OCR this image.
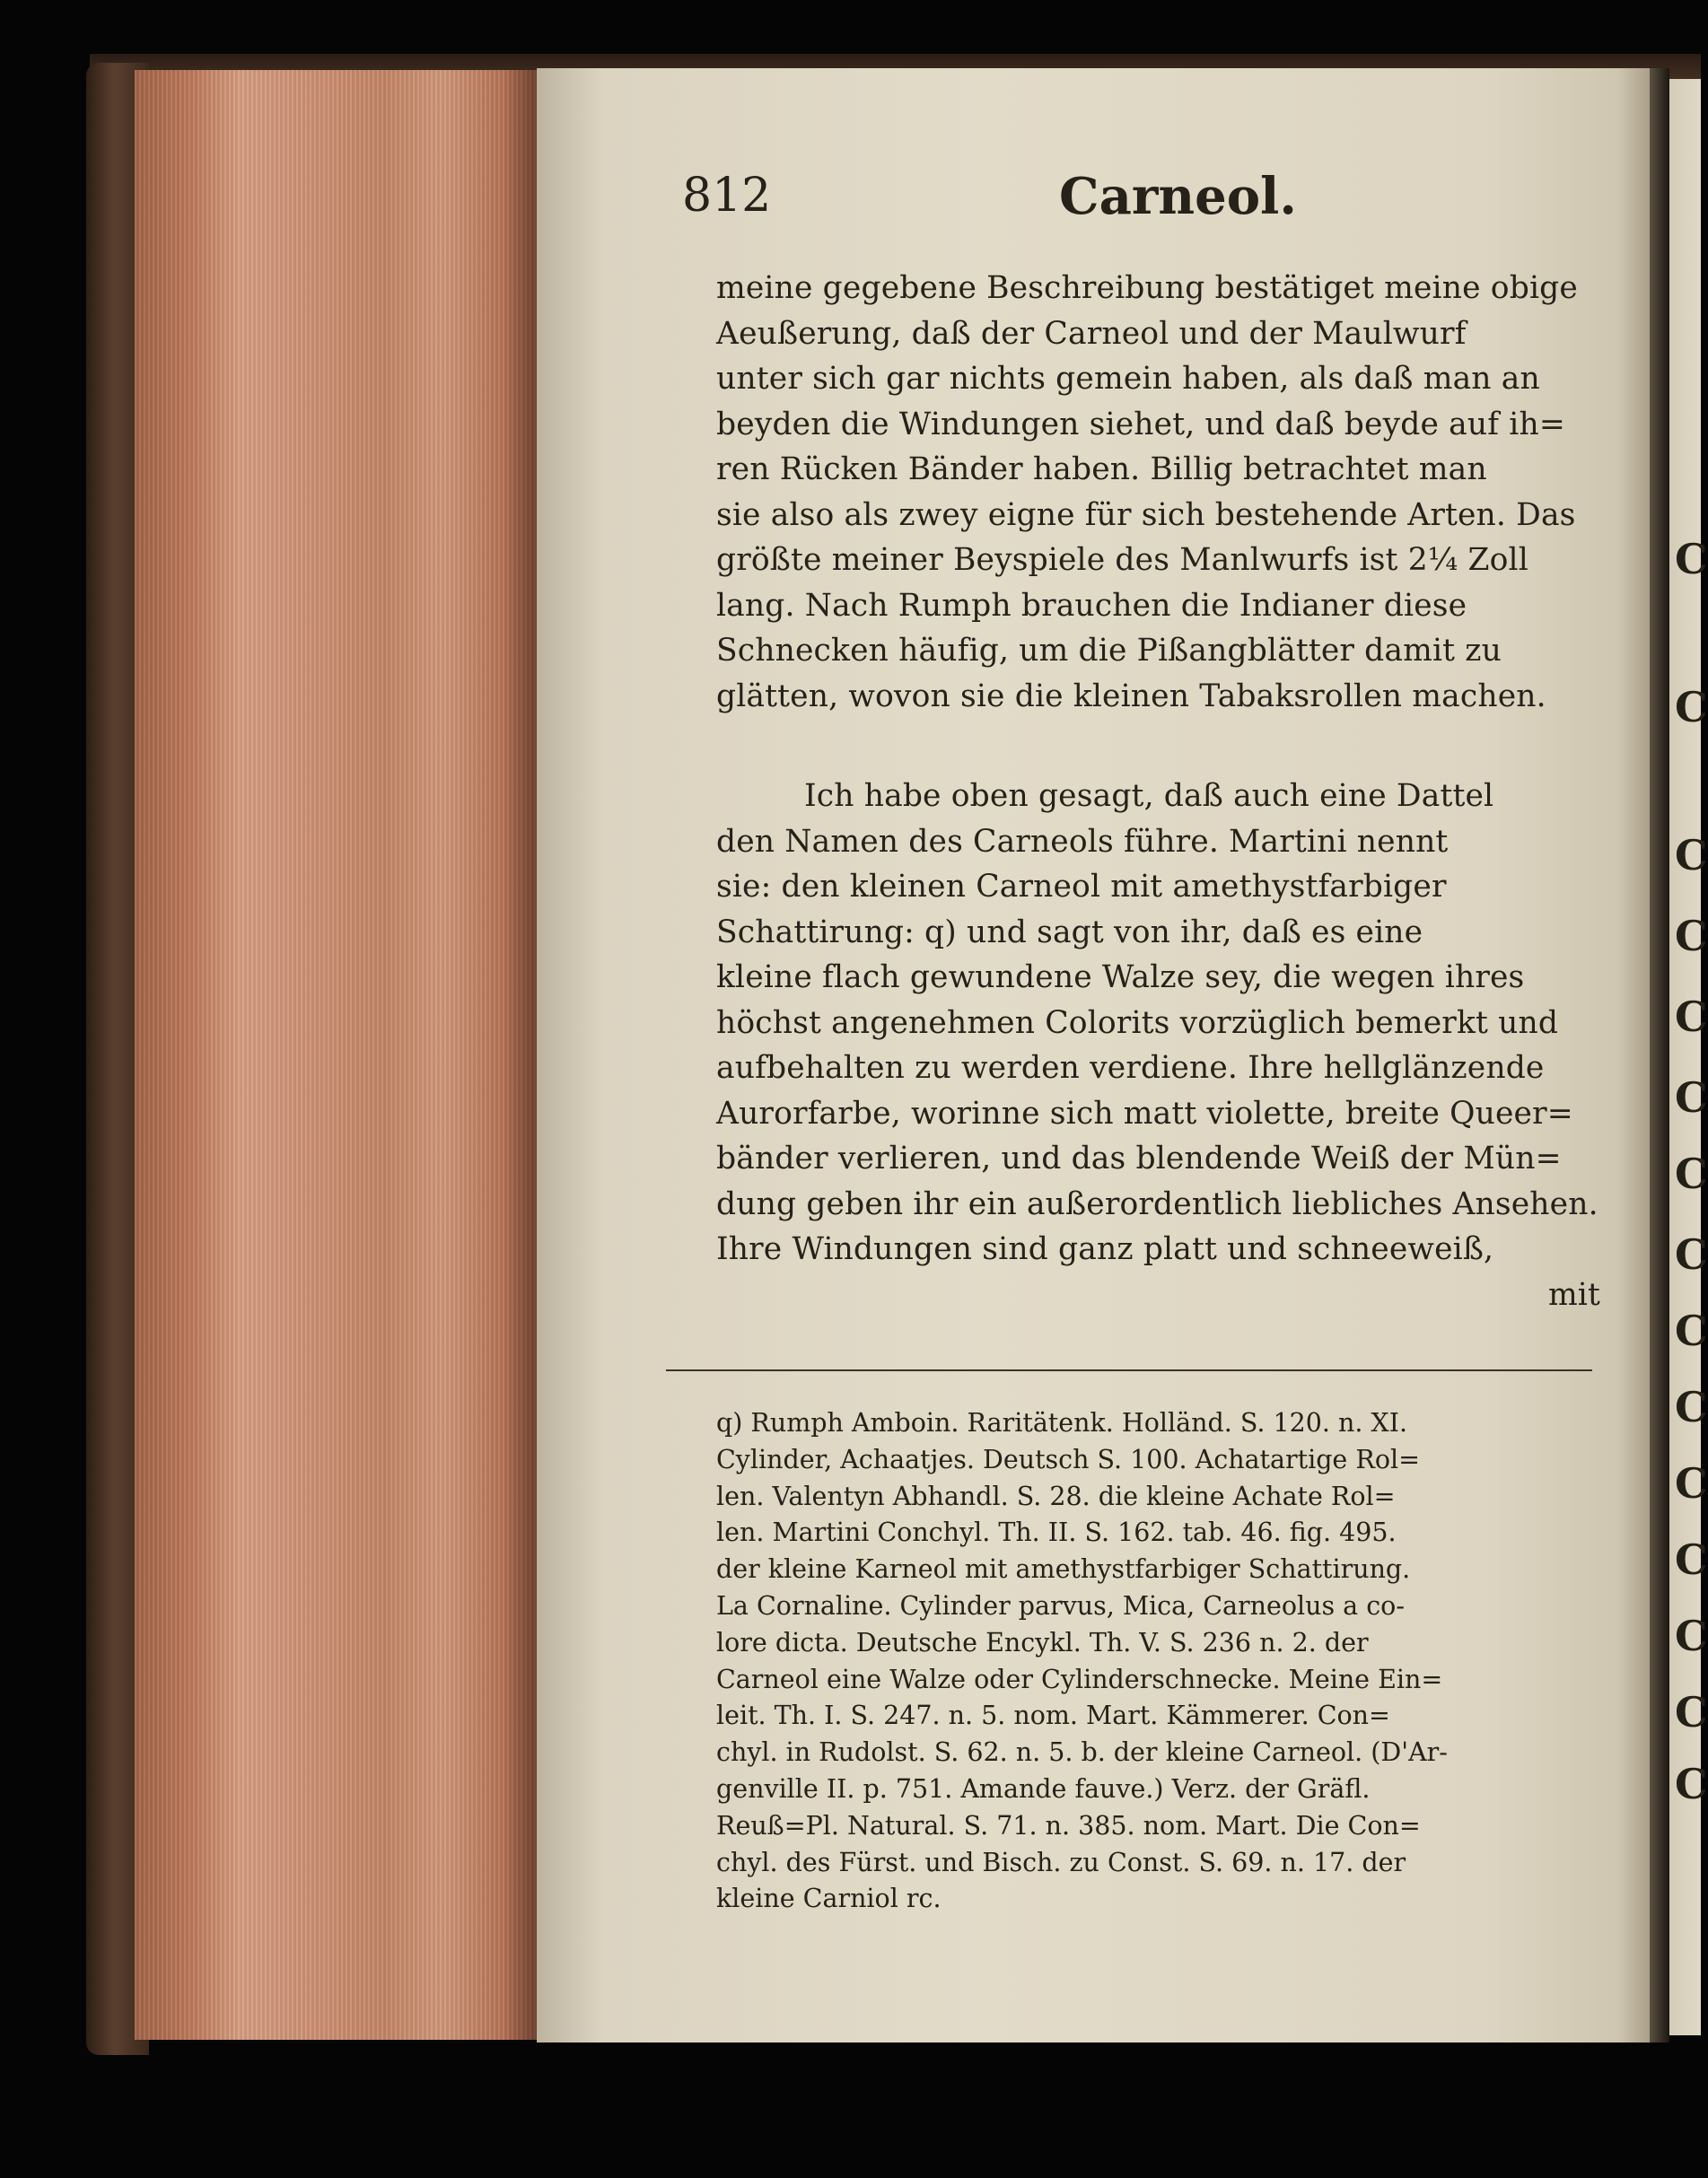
C
C
C
C
C
C
C
C
C
C
C
C
C
C
C
812	Carneol.
meine gegebene Beschreibung bestätiget meine obige
Aeußerung, daß der Carneol und der Maulwurf
unter sich gar nichts gemein haben, als daß man an
beyden die Windungen siehet, und daß beyde auf ih=
ren Rücken Bänder haben. Billig betrachtet man
sie also als zwey eigne für sich bestehende Arten. Das
größte meiner Beyspiele des Manlwurfs ist 2¼ Zoll
lang. Nach Rumph brauchen die Indianer diese
Schnecken häufig, um die Pißangblätter damit zu
glätten, wovon sie die kleinen Tabaksrollen machen.
Ich habe oben gesagt, daß auch eine Dattel
den Namen des Carneols führe. Martini nennt
sie: den kleinen Carneol mit amethystfarbiger
Schattirung: q) und sagt von ihr, daß es eine
kleine flach gewundene Walze sey, die wegen ihres
höchst angenehmen Colorits vorzüglich bemerkt und
aufbehalten zu werden verdiene. Ihre hellglänzende
Aurorfarbe, worinne sich matt violette, breite Queer=
bänder verlieren, und das blendende Weiß der Mün=
dung geben ihr ein außerordentlich liebliches Ansehen.
Ihre Windungen sind ganz platt und schneeweiß,
mit
q) Rumph Amboin. Raritätenk. Holländ. S. 120. n. XI.
Cylinder, Achaatjes. Deutsch S. 100. Achatartige Rol=
len. Valentyn Abhandl. S. 28. die kleine Achate Rol=
len. Martini Conchyl. Th. II. S. 162. tab. 46. fig. 495.
der kleine Karneol mit amethystfarbiger Schattirung.
La Cornaline. Cylinder parvus, Mica, Carneolus a co-
lore dicta. Deutsche Encykl. Th. V. S. 236 n. 2. der
Carneol eine Walze oder Cylinderschnecke. Meine Ein=
leit. Th. I. S. 247. n. 5. nom. Mart. Kämmerer. Con=
chyl. in Rudolst. S. 62. n. 5. b. der kleine Carneol. (D'Ar-
genville II. p. 751. Amande fauve.) Verz. der Gräfl.
Reuß=Pl. Natural. S. 71. n. 385. nom. Mart. Die Con=
chyl. des Fürst. und Bisch. zu Const. S. 69. n. 17. der
kleine Carniol rc.
